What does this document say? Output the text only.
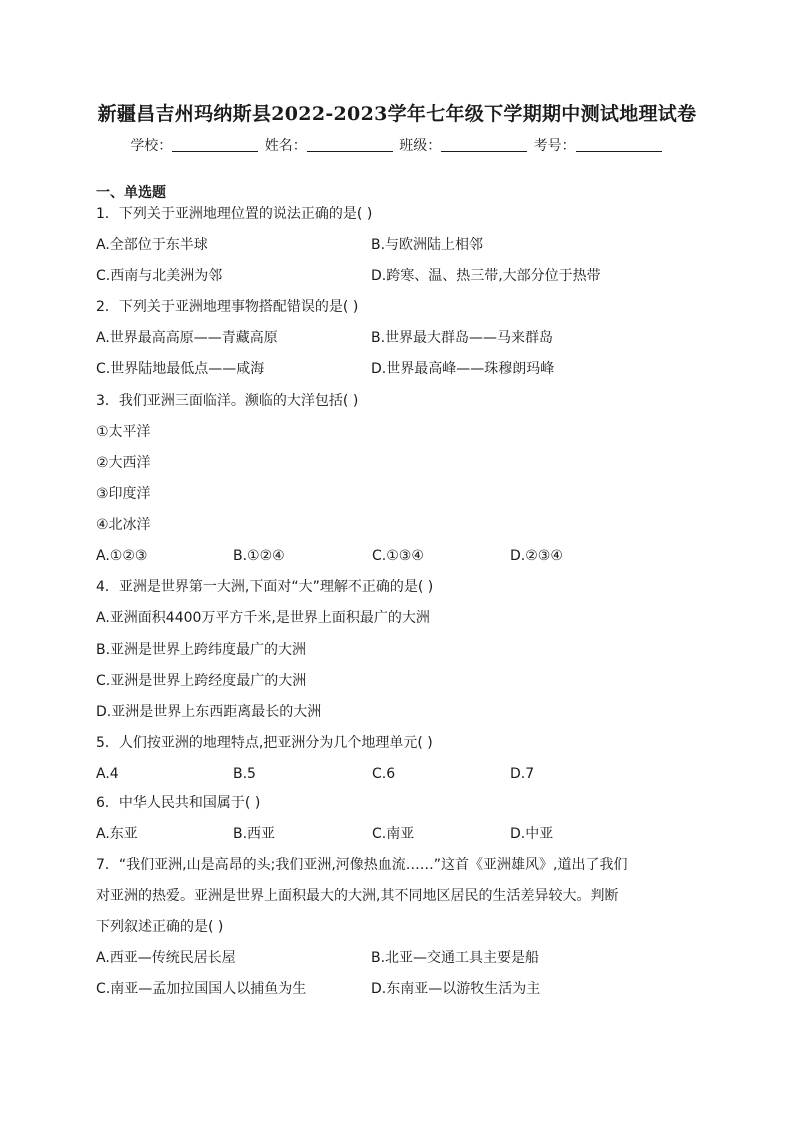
新疆昌吉州玛纳斯县2022-2023学年七年级下学期期中测试地理试卷
学校：	姓名：	班级：	考号：
一、单选题
1．下列关于亚洲地理位置的说法正确的是( )
A.全部位于东半球	B.与欧洲陆上相邻
C.西南与北美洲为邻	D.跨寒、温、热三带,大部分位于热带
2．下列关于亚洲地理事物搭配错误的是( )
A.世界最高高原——青藏高原	B.世界最大群岛——马来群岛
C.世界陆地最低点——咸海	D.世界最高峰——珠穆朗玛峰
3．我们亚洲三面临洋。濒临的大洋包括( )
①太平洋
②大西洋
③印度洋
④北冰洋
A.①②③	B.①②④	C.①③④	D.②③④
4．亚洲是世界第一大洲,下面对“大”理解不正确的是( )
A.亚洲面积4400万平方千米,是世界上面积最广的大洲
B.亚洲是世界上跨纬度最广的大洲
C.亚洲是世界上跨经度最广的大洲
D.亚洲是世界上东西距离最长的大洲
5．人们按亚洲的地理特点,把亚洲分为几个地理单元( )
A.4	B.5	C.6	D.7
6．中华人民共和国属于( )
A.东亚	B.西亚	C.南亚	D.中亚
7．“我们亚洲,山是高昂的头;我们亚洲,河像热血流……”这首《亚洲雄风》,道出了我们
对亚洲的热爱。亚洲是世界上面积最大的大洲,其不同地区居民的生活差异较大。判断
下列叙述正确的是( )
A.西亚—传统民居长屋	B.北亚—交通工具主要是船
C.南亚—孟加拉国国人以捕鱼为生	D.东南亚—以游牧生活为主
